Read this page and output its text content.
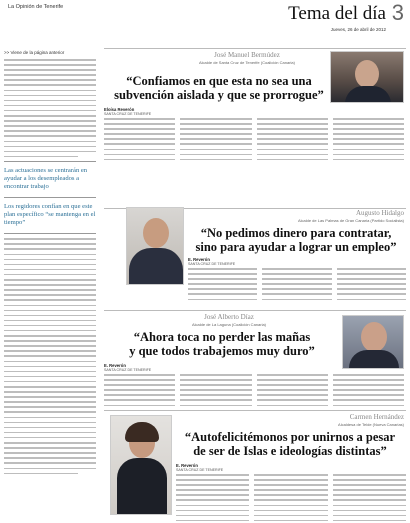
La Opinión de Tenerife	Tema del día 3
Jueves, 26 de abril de 2012
>> Viene de la página anterior
Las actuaciones se centrarán en ayudar a los desempleados a encontrar trabajo
Los regidores confían en que este plan específico “se mantenga en el tiempo”
José Manuel Bermúdez
Alcalde de Santa Cruz de Tenerife (Coalición Canaria)
“Confiamos en que esta no sea una
subvención aislada y que se prorrogue”
Eloísa Reverón
SANTA CRUZ DE TENERIFE
Augusto Hidalgo
Alcalde de Las Palmas de Gran Canaria (Partido Socialista)
“No pedimos dinero para contratar,
sino para ayudar a lograr un empleo”
E. Reverón
SANTA CRUZ DE TENERIFE
José Alberto Díaz
Alcalde de La Laguna (Coalición Canaria)
“Ahora toca no perder las mañas
y que todos trabajemos muy duro”
E. Reverón
SANTA CRUZ DE TENERIFE
Carmen Hernández
Alcaldesa de Telde (Nueva Canarias)
“Autofelicitémonos por unirnos a pesar
de ser de Islas e ideologías distintas”
E. Reverón
SANTA CRUZ DE TENERIFE
